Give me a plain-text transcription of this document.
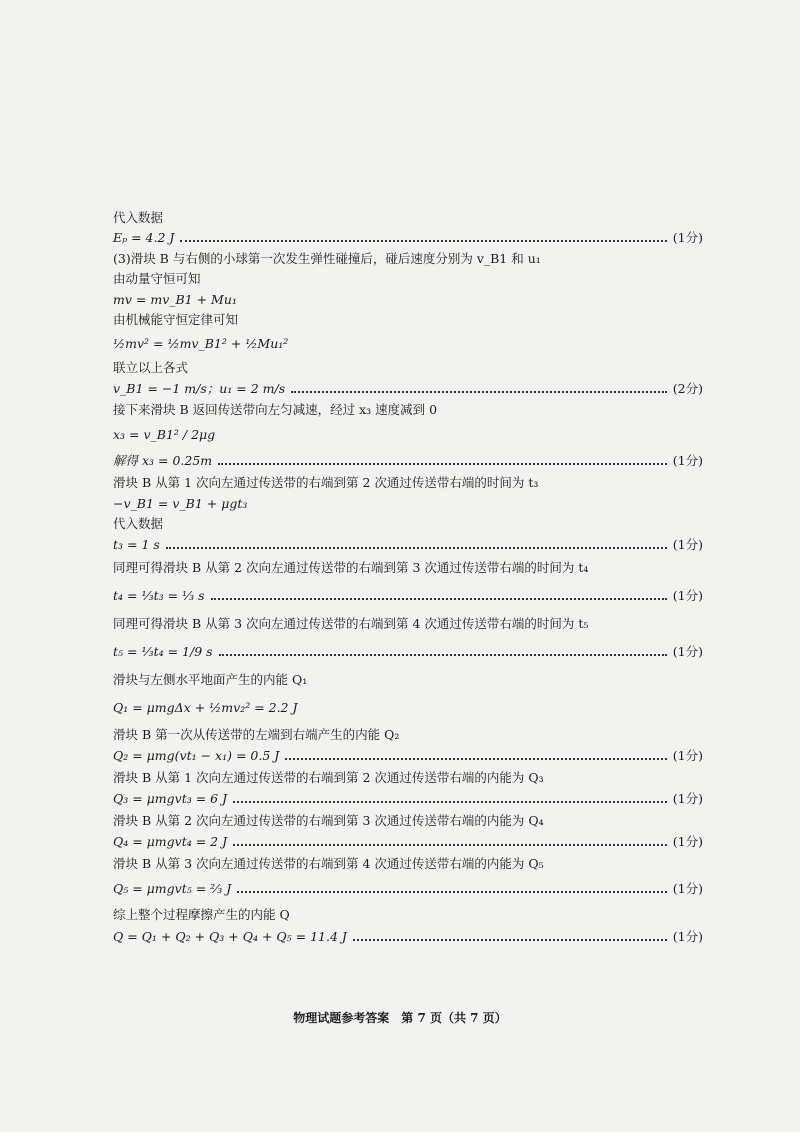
代入数据
Eₚ = 4.2 J	(1分)
(3)滑块 B 与右侧的小球第一次发生弹性碰撞后，碰后速度分别为 v_B1 和 u₁
由动量守恒可知
mv = mv_B1 + Mu₁
由机械能守恒定律可知
½mv² = ½mv_B1² + ½Mu₁²
联立以上各式
v_B1 = −1 m/s；u₁ = 2 m/s	(2分)
接下来滑块 B 返回传送带向左匀减速，经过 x₃ 速度减到 0
x₃ = v_B1² / 2μg
解得 x₃ = 0.25m	(1分)
滑块 B 从第 1 次向左通过传送带的右端到第 2 次通过传送带右端的时间为 t₃
−v_B1 = v_B1 + μgt₃
代入数据
t₃ = 1 s	(1分)
同理可得滑块 B 从第 2 次向左通过传送带的右端到第 3 次通过传送带右端的时间为 t₄
t₄ = ⅓t₃ = ⅓ s	(1分)
同理可得滑块 B 从第 3 次向左通过传送带的右端到第 4 次通过传送带右端的时间为 t₅
t₅ = ⅓t₄ = 1/9 s	(1分)
滑块与左侧水平地面产生的内能 Q₁
Q₁ = μmgΔx + ½mv₂² = 2.2 J
滑块 B 第一次从传送带的左端到右端产生的内能 Q₂
Q₂ = μmg(vt₁ − x₁) = 0.5 J	(1分)
滑块 B 从第 1 次向左通过传送带的右端到第 2 次通过传送带右端的内能为 Q₃
Q₃ = μmgvt₃ = 6 J	(1分)
滑块 B 从第 2 次向左通过传送带的右端到第 3 次通过传送带右端的内能为 Q₄
Q₄ = μmgvt₄ = 2 J	(1分)
滑块 B 从第 3 次向左通过传送带的右端到第 4 次通过传送带右端的内能为 Q₅
Q₅ = μmgvt₅ = ⅔ J	(1分)
综上整个过程摩擦产生的内能 Q
Q = Q₁ + Q₂ + Q₃ + Q₄ + Q₅ = 11.4 J	(1分)
物理试题参考答案　第 7 页（共 7 页）
